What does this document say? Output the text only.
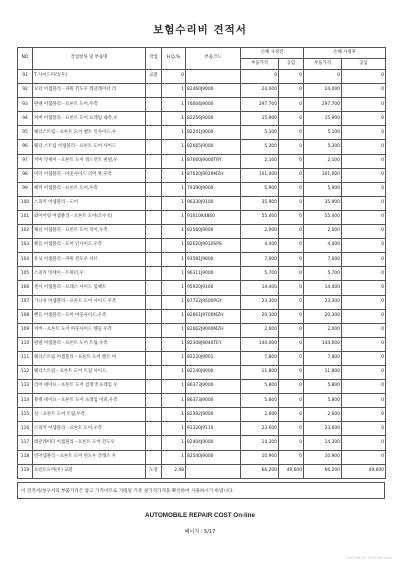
보험수리비 견적서
NO	작업항목 및 부품명	작업	H.Q,%	부품코드	손해 사정전		손해 사정후	
					부품가격	공임	부품가격	공임
91	T 사이드미러(우)	교환	0		0	0	0	0
92	모터 어셈블리－파워 윈도우 레귤레이터 리		1	82460J9000	24,000	0	24,000	0
93	판넬 어셈블리－프론트 도어,우측		1	76004J9000	297,700	0	297,700	0
94	커버 어셈블리－프론트 도어 프레임 내측,우		1	82256J9000	15,900	0	15,900	0
95	웨더스트립－프론트 도어 벨트 인사이드,우		1	82241J9000	5,100	0	5,100	0
96	웨더 스트립 어셈블리－프론트 도어 사이드		1	82665J9000	5,300	0	5,300	0
97	커버 엇세이－프론트 도어 쿼드런트 판넬,우		1	87660J9000TRY	2,100	0	2,100	0
98	미러 어셈블리－아웃사이드 리어 뷰,우측		1	87620J9020MZH	101,000	0	101,000	0
99	패커 어셈블리－프론트 도어,우측		1	79390J9000	5,900	0	5,900	0
100	스피커 어셈블리－도어		1	96330J9100	35,900	0	35,900	0
101	와이어링 어셈블리－프론트 도어(조수석)		1	91610K4860	55,400	0	55,400	0
102	채널 어셈블리－프론트 도어 리어,우측		1	82560J9000	2,000	0	2,000	0
103	핸들 어셈블리－도어 인사이드,우측		1	82620J9010SPS	4,400	0	4,400	0
104	유닛 어셈블리－파워 윈도우 서브		1	93581J9000	7,000	0	7,000	0
105	스피커 엇세이－트위터,우		1	96311J9000	5,700	0	5,700	0
106	센서 어셈블리－프레스 사이드 임팩트		1	95920J9100	14,400	0	14,400	0
107	가니쉬 어셈블리－프론트 도어 사이드 우측		1	87722J9500PGY	23,300	0	23,300	0
108	핸들 어셈블리－도어 아웃사이드,우측		1	82661J9700MZH	20,300	0	20,300	0
109	커버－프론트 도어 아웃사이드 핸들 우측		1	82662J9000MZH	2,000	0	2,000	0
110	판넬 어셈블리－프론트 도어 트림,우측		1	82308J9040TEY	144,000	0	144,000	0
111	웨더스트립 어셈블리－프론트 도어 벨트 아		1	82220J9001	7,800	0	7,800	0
112	웨더스트립－프론트 도어 트립 사이드,		1	82140J9000	11,800	0	11,800	0
113	리어 테이프－프론트 도어 검정색 프레임 우		1	86373J9000	5,800	0	5,800	0
114	블랙 테이프－프론트 도어 프레임 어퍼,우측		1	86373J9000	5,800	0	5,800	0
115	실－프론트 도어 트림,우측		1	82392J9000	2,600	0	2,600	0
116	스피커 어셈블리－프론트 도어,우측		1	91320J9110	23,600	0	23,600	0
117	레귤레이터 어셈블리－프론트 도어 윈도우		1	82404J9000	14,300	0	14,300	0
118	런어셈블리－프론트 도어 윈도우 글래스 우		1	82540J9000	10,900	0	10,900	0
119	프런트도어(우) 교환	도장	2.48		66,200	49,600	66,200	49,600
이 견적서/청구서의 부품가격은 참고 가격이므로 거래일 기준 실가격가격을 확인하여 사용하시기 바랍니다.
AUTOMOBILE REPAIR COST On-line
페이지 : 5/17
2025-06-01 15:29:05 0010
